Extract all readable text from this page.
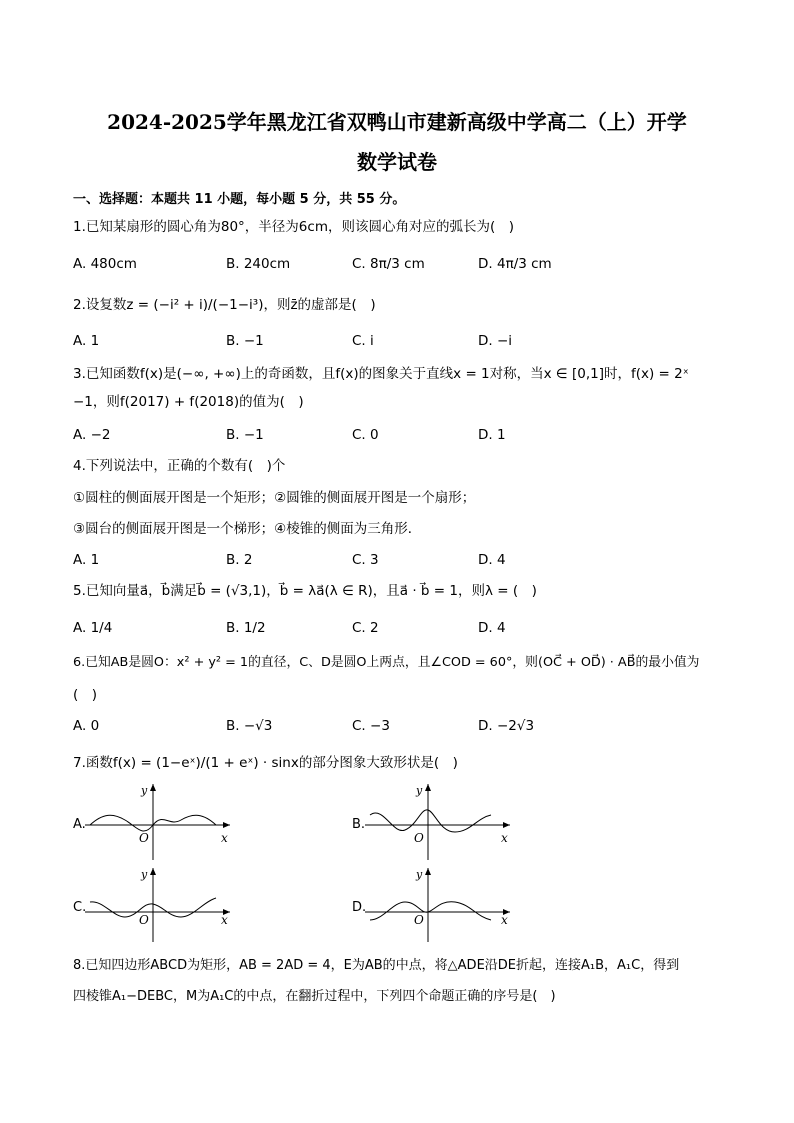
2024-2025学年黑龙江省双鸭山市建新高级中学高二（上）开学
数学试卷
一、选择题：本题共 11 小题，每小题 5 分，共 55 分。
1.已知某扇形的圆心角为80°，半径为6cm，则该圆心角对应的弧长为(　)
A. 480cm	B. 240cm	C. 8π/3 cm	D. 4π/3 cm
2.设复数z = (−i² + i)/(−1−i³)，则z̄的虚部是(　)
A. 1	B. −1	C. i	D. −i
3.已知函数f(x)是(−∞, +∞)上的奇函数，且f(x)的图象关于直线x = 1对称，当x ∈ [0,1]时，f(x) = 2ˣ
−1，则f(2017) + f(2018)的值为(　)
A. −2	B. −1	C. 0	D. 1
4.下列说法中，正确的个数有(　)个
①圆柱的侧面展开图是一个矩形；②圆锥的侧面展开图是一个扇形；
③圆台的侧面展开图是一个梯形；④棱锥的侧面为三角形．
A. 1	B. 2	C. 3	D. 4
5.已知向量a⃗，b⃗满足b⃗ = (√3,1)，b⃗ = λa⃗(λ ∈ R)，且a⃗ · b⃗ = 1，则λ = (　)
A. 1/4	B. 1/2	C. 2	D. 4
6.已知AB是圆O：x² + y² = 1的直径，C、D是圆O上两点，且∠COD = 60°，则(OC⃗ + OD⃗) · AB⃗的最小值为
(　)
A. 0	B. −√3	C. −3	D. −2√3
7.函数f(x) = (1−eˣ)/(1 + eˣ) · sinx的部分图象大致形状是(　)
A.
y
x
O
B.
y
x
O
C.
y
x
O
D.
y
x
O
8.已知四边形ABCD为矩形，AB = 2AD = 4，E为AB的中点，将△ADE沿DE折起，连接A₁B，A₁C，得到
四棱锥A₁−DEBC，M为A₁C的中点，在翻折过程中，下列四个命题正确的序号是(　)
